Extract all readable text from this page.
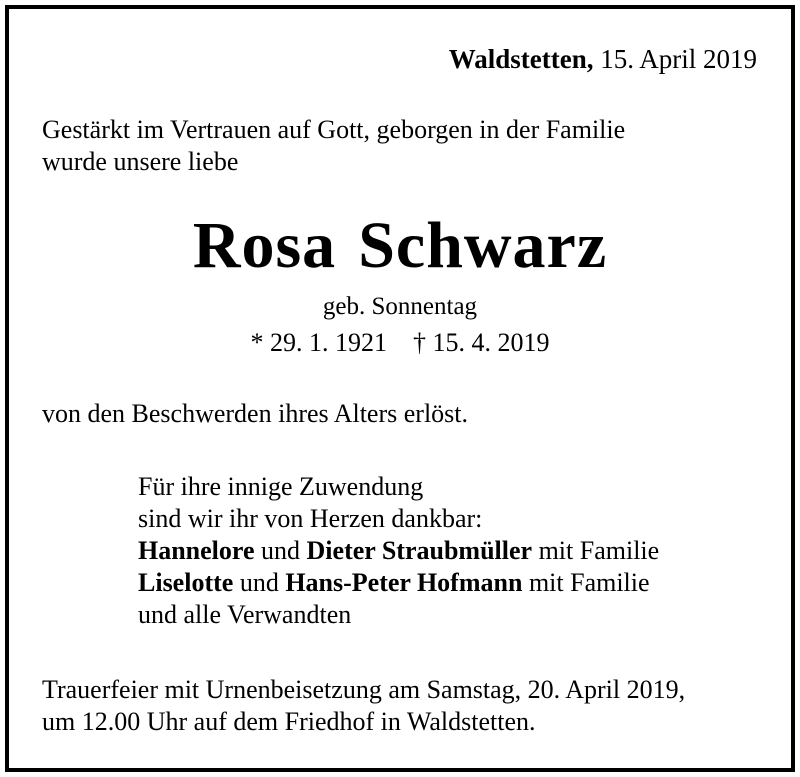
Waldstetten, 15. April 2019
Gestärkt im Vertrauen auf Gott, geborgen in der Familie
wurde unsere liebe
Rosa Schwarz
geb. Sonnentag
* 29. 1. 1921 † 15. 4. 2019
von den Beschwerden ihres Alters erlöst.
Für ihre innige Zuwendung
sind wir ihr von Herzen dankbar:
Hannelore und Dieter Straubmüller mit Familie
Liselotte und Hans-Peter Hofmann mit Familie
und alle Verwandten
Trauerfeier mit Urnenbeisetzung am Samstag, 20. April 2019,
um 12.00 Uhr auf dem Friedhof in Waldstetten.
